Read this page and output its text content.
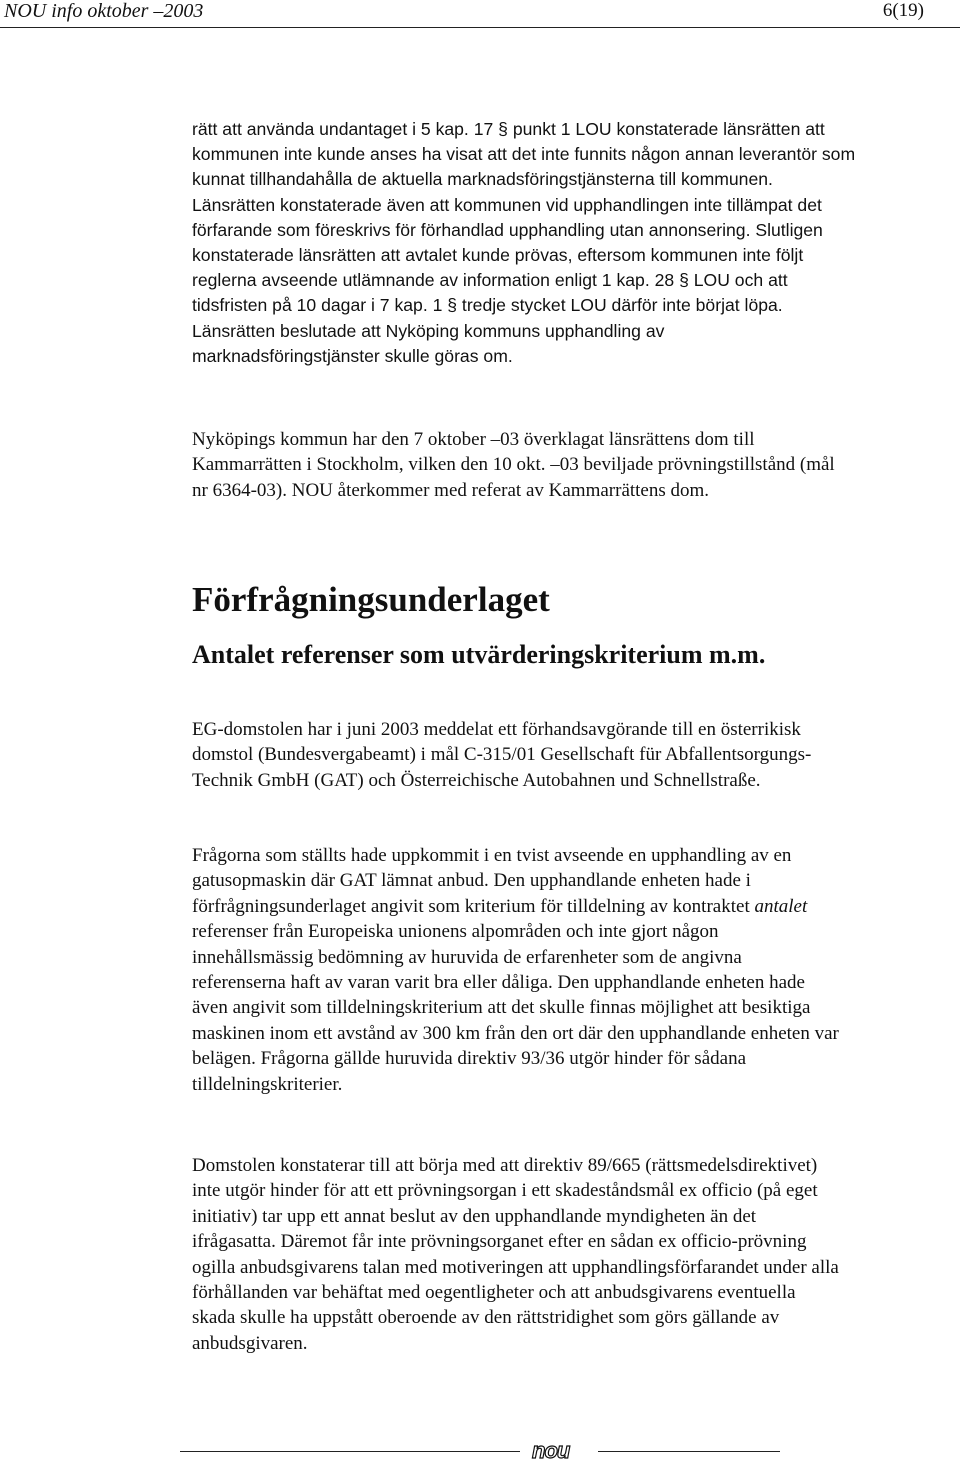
NOU info oktober –2003	6(19)

rätt att använda undantaget i 5 kap. 17 § punkt 1 LOU konstaterade länsrätten att
kommunen inte kunde anses ha visat att det inte funnits någon annan leverantör som
kunnat tillhandahålla de aktuella marknadsföringstjänsterna till kommunen.
Länsrätten konstaterade även att kommunen vid upphandlingen inte tillämpat det
förfarande som föreskrivs för förhandlad upphandling utan annonsering. Slutligen
konstaterade länsrätten att avtalet kunde prövas, eftersom kommunen inte följt
reglerna avseende utlämnande av information enligt 1 kap. 28 § LOU och att
tidsfristen på 10 dagar i 7 kap. 1 § tredje stycket LOU därför inte börjat löpa.
Länsrätten beslutade att Nyköping kommuns upphandling av
marknadsföringstjänster skulle göras om.

Nyköpings kommun har den 7 oktober –03 överklagat länsrättens dom till
Kammarrätten i Stockholm, vilken den 10 okt. –03 beviljade prövningstillstånd (mål
nr 6364-03). NOU återkommer med referat av Kammarrättens dom.

Förfrågningsunderlaget
Antalet referenser som utvärderingskriterium m.m.

EG-domstolen har i juni 2003 meddelat ett förhandsavgörande till en österrikisk
domstol (Bundesvergabeamt) i mål C-315/01 Gesellschaft für Abfallentsorgungs-
Technik GmbH (GAT) och Österreichische Autobahnen und Schnellstraße.

Frågorna som ställts hade uppkommit i en tvist avseende en upphandling av en
gatusopmaskin där GAT lämnat anbud. Den upphandlande enheten hade i
förfrågningsunderlaget angivit som kriterium för tilldelning av kontraktet antalet
referenser från Europeiska unionens alpområden och inte gjort någon
innehållsmässig bedömning av huruvida de erfarenheter som de angivna
referenserna haft av varan varit bra eller dåliga. Den upphandlande enheten hade
även angivit som tilldelningskriterium att det skulle finnas möjlighet att besiktiga
maskinen inom ett avstånd av 300 km från den ort där den upphandlande enheten var
belägen. Frågorna gällde huruvida direktiv 93/36 utgör hinder för sådana
tilldelningskriterier.

Domstolen konstaterar till att börja med att direktiv 89/665 (rättsmedelsdirektivet)
inte utgör hinder för att ett prövningsorgan i ett skadeståndsmål ex officio (på eget
initiativ) tar upp ett annat beslut av den upphandlande myndigheten än det
ifrågasatta. Däremot får inte prövningsorganet efter en sådan ex officio-prövning
ogilla anbudsgivarens talan med motiveringen att upphandlingsförfarandet under alla
förhållanden var behäftat med oegentligheter och att anbudsgivarens eventuella
skada skulle ha uppstått oberoende av den rättstridighet som görs gällande av
anbudsgivaren.

nou
